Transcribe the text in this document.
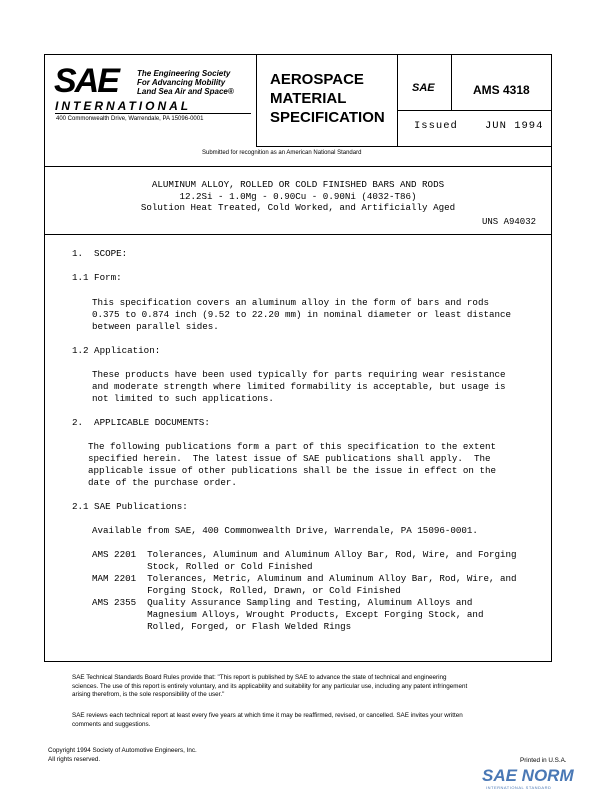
SAE The Engineering Society
For Advancing Mobility
Land Sea Air and Space®
INTERNATIONAL
400 Commonwealth Drive, Warrendale, PA 15096-0001
AEROSPACE
MATERIAL
SPECIFICATION
SAE	AMS 4318
Issued	JUN 1994
Submitted for recognition as an American National Standard
ALUMINUM ALLOY, ROLLED OR COLD FINISHED BARS AND RODS
12.2Si - 1.0Mg - 0.90Cu - 0.90Ni (4032-T86)
Solution Heat Treated, Cold Worked, and Artificially Aged
UNS A94032
1.  SCOPE:
1.1 Form:
This specification covers an aluminum alloy in the form of bars and rods
0.375 to 0.874 inch (9.52 to 22.20 mm) in nominal diameter or least distance
between parallel sides.
1.2 Application:
These products have been used typically for parts requiring wear resistance
and moderate strength where limited formability is acceptable, but usage is
not limited to such applications.
2.  APPLICABLE DOCUMENTS:
The following publications form a part of this specification to the extent
specified herein.  The latest issue of SAE publications shall apply.  The
applicable issue of other publications shall be the issue in effect on the
date of the purchase order.
2.1 SAE Publications:
Available from SAE, 400 Commonwealth Drive, Warrendale, PA 15096-0001.
AMS 2201  Tolerances, Aluminum and Aluminum Alloy Bar, Rod, Wire, and Forging
Stock, Rolled or Cold Finished
MAM 2201  Tolerances, Metric, Aluminum and Aluminum Alloy Bar, Rod, Wire, and
Forging Stock, Rolled, Drawn, or Cold Finished
AMS 2355  Quality Assurance Sampling and Testing, Aluminum Alloys and
Magnesium Alloys, Wrought Products, Except Forging Stock, and
Rolled, Forged, or Flash Welded Rings
SAE Technical Standards Board Rules provide that: "This report is published by SAE to advance the state of technical and engineering
sciences. The use of this report is entirely voluntary, and its applicability and suitability for any particular use, including any patent infringement
arising therefrom, is the sole responsibility of the user."
SAE reviews each technical report at least every five years at which time it may be reaffirmed, revised, or cancelled. SAE invites your written
comments and suggestions.
Copyright 1994 Society of Automotive Engineers, Inc.
All rights reserved.	Printed in U.S.A.
SAE NORM
INTERNATIONAL STANDARD
